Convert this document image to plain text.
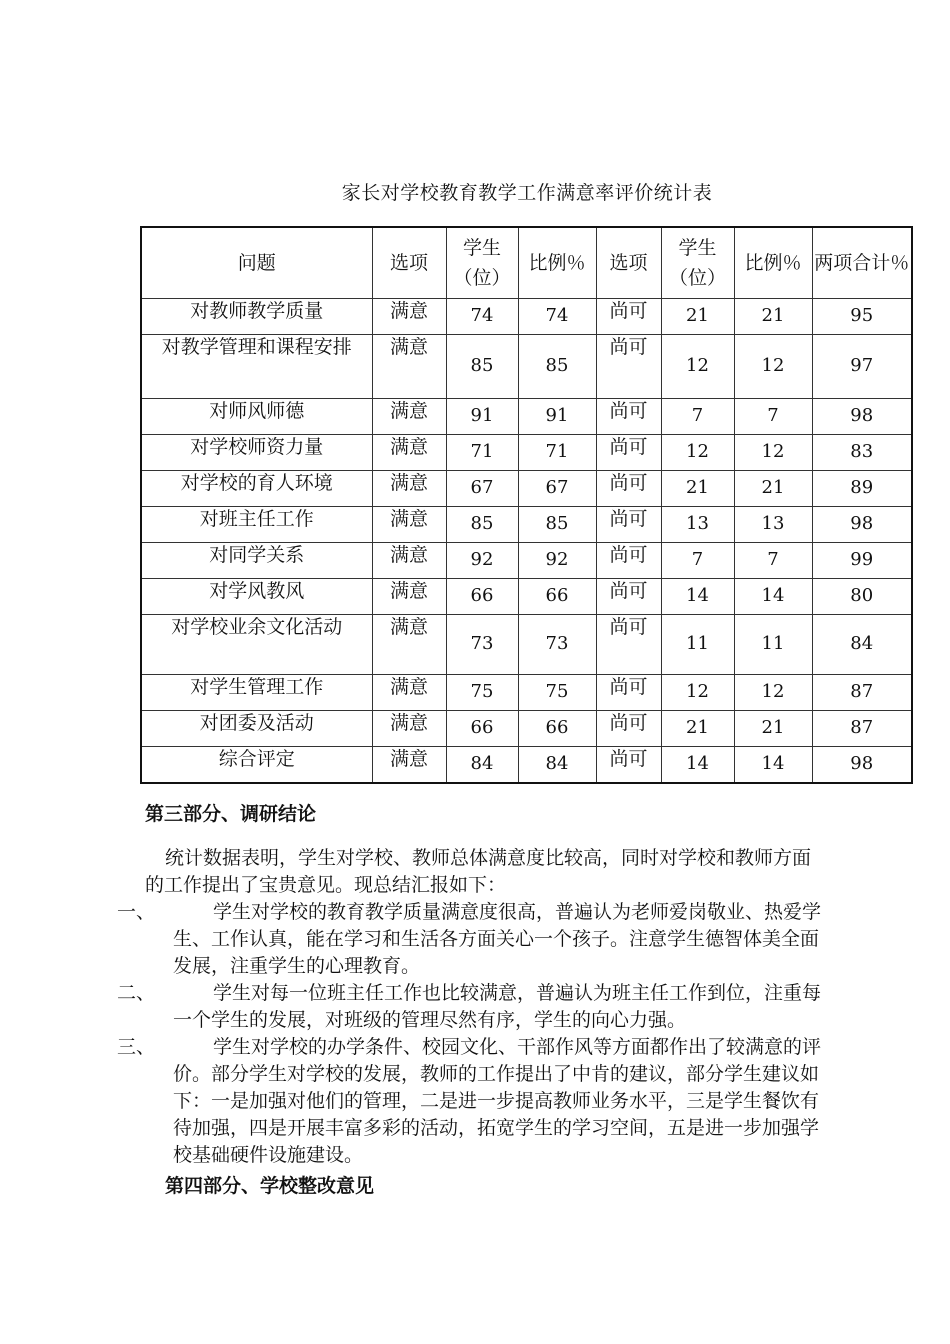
家长对学校教育教学工作满意率评价统计表
问题	选项	学生（位）	比例％	选项	学生（位）	比例％	两项合计％
对教师教学质量	满意	74	74	尚可	21	21	95
对教学管理和课程安排	满意	85	85	尚可	12	12	97
对师风师德	满意	91	91	尚可	7	7	98
对学校师资力量	满意	71	71	尚可	12	12	83
对学校的育人环境	满意	67	67	尚可	21	21	89
对班主任工作	满意	85	85	尚可	13	13	98
对同学关系	满意	92	92	尚可	7	7	99
对学风教风	满意	66	66	尚可	14	14	80
对学校业余文化活动	满意	73	73	尚可	11	11	84
对学生管理工作	满意	75	75	尚可	12	12	87
对团委及活动	满意	66	66	尚可	21	21	87
综合评定	满意	84	84	尚可	14	14	98
第三部分、调研结论

统计数据表明，学生对学校、教师总体满意度比较高，同时对学校和教师方面的工作提出了宝贵意见。现总结汇报如下：

一、	学生对学校的教育教学质量满意度很高，普遍认为老师爱岗敬业、热爱学生、工作认真，能在学习和生活各方面关心一个孩子。注意学生德智体美全面发展，注重学生的心理教育。

二、	学生对每一位班主任工作也比较满意，普遍认为班主任工作到位，注重每一个学生的发展，对班级的管理尽然有序，学生的向心力强。

三、	学生对学校的办学条件、校园文化、干部作风等方面都作出了较满意的评价。部分学生对学校的发展，教师的工作提出了中肯的建议，部分学生建议如下：一是加强对他们的管理，二是进一步提高教师业务水平，三是学生餐饮有待加强，四是开展丰富多彩的活动，拓宽学生的学习空间，五是进一步加强学校基础硬件设施建设。

第四部分、学校整改意见
